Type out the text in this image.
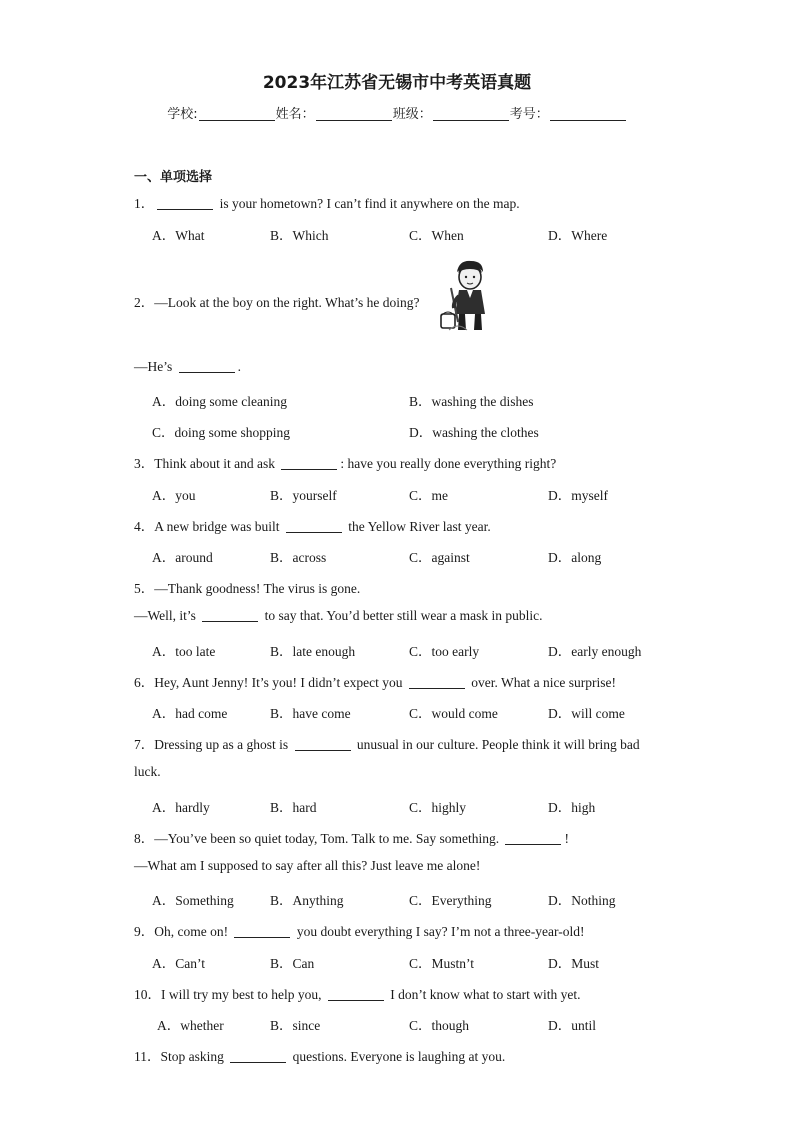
2023年江苏省无锡市中考英语真题
学校:	姓名：	班级：	考号：
一、单项选择
1．	is your hometown? I can’t find it anywhere on the map.
A．What	B．Which	C．When	D．Where
2．—Look at the boy on the right. What’s he doing?
—He’s	.
A．doing some cleaning	B．washing the dishes
C．doing some shopping	D．washing the clothes
3．Think about it and ask	: have you really done everything right?
A．you	B．yourself	C．me	D．myself
4．A new bridge was built	the Yellow River last year.
A．around	B．across	C．against	D．along
5．—Thank goodness! The virus is gone.
—Well, it’s	to say that. You’d better still wear a mask in public.
A．too late	B．late enough	C．too early	D．early enough
6．Hey, Aunt Jenny! It’s you! I didn’t expect you	over. What a nice surprise!
A．had come	B．have come	C．would come	D．will come
7．Dressing up as a ghost is	unusual in our culture. People think it will bring bad
luck.
A．hardly	B．hard	C．highly	D．high
8．—You’ve been so quiet today, Tom. Talk to me. Say something.	!
—What am I supposed to say after all this? Just leave me alone!
A．Something	B．Anything	C．Everything	D．Nothing
9．Oh, come on!	you doubt everything I say? I’m not a three-year-old!
A．Can’t	B．Can	C．Mustn’t	D．Must
10．I will try my best to help you,	I don’t know what to start with yet.
A．whether	B．since	C．though	D．until
11．Stop asking	questions. Everyone is laughing at you.
